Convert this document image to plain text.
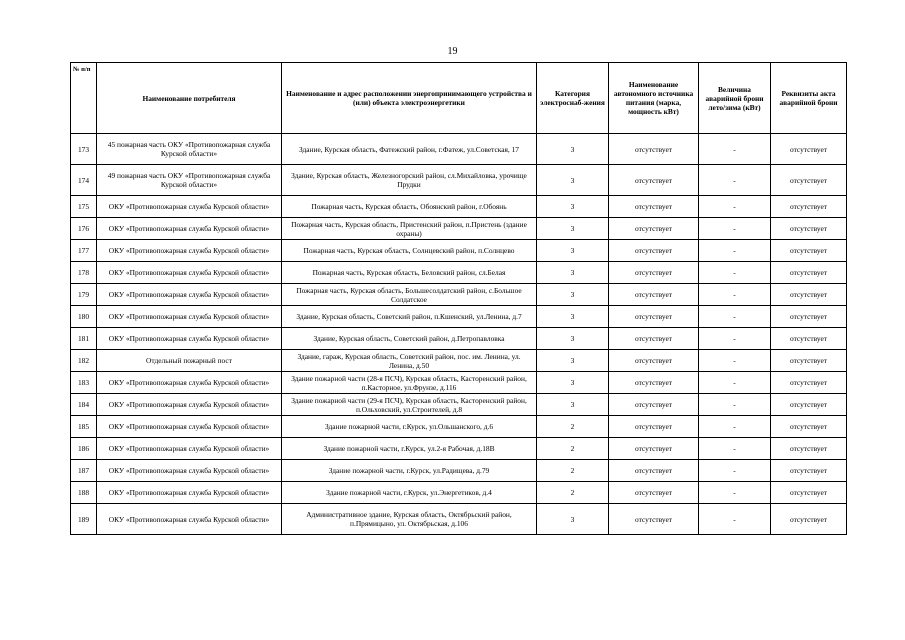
19
№ п/п	Наименование потребителя	Наименование и адрес расположении энергопринимающего устройства и (или) объекта электроэнергетики	Категория электроснаб-жения	Наименование автономного источника питания (марка, мощность кВт)	Величина аварийной брони лето/зима (кВт)	Реквизиты акта аварийной брони
173	45 пожарная часть ОКУ «Противопожарная служба Курской области»	Здание, Курская область, Фатежский район, г.Фатеж, ул.Советская, 17	3	отсутствует	-	отсутствует
174	49 пожарная часть ОКУ «Противопожарная служба Курской области»	Здание, Курская область, Железногорский район, сл.Михайловка, урочище Прудки	3	отсутствует	-	отсутствует
175	ОКУ «Противопожарная служба Курской области»	Пожарная часть, Курская область, Обоянский район, г.Обоянь	3	отсутствует	-	отсутствует
176	ОКУ «Противопожарная служба Курской области»	Пожарная часть, Курская область, Пристенский район, п.Пристень (здание охраны)	3	отсутствует	-	отсутствует
177	ОКУ «Противопожарная служба Курской области»	Пожарная часть, Курская область, Солнцевский район, п.Солнцево	3	отсутствует	-	отсутствует
178	ОКУ «Противопожарная служба Курской области»	Пожарная часть, Курская область, Беловский район, сл.Белая	3	отсутствует	-	отсутствует
179	ОКУ «Противопожарная служба Курской области»	Пожарная часть, Курская область, Большесолдатский район, с.Большое Солдатское	3	отсутствует	-	отсутствует
180	ОКУ «Противопожарная служба Курской области»	Здание, Курская область, Советский район, п.Кшенский, ул.Ленина, д.7	3	отсутствует	-	отсутствует
181	ОКУ «Противопожарная служба Курской области»	Здание, Курская область, Советский район, д.Петропавловка	3	отсутствует	-	отсутствует
182	Отдельный пожарный пост	Здание, гараж, Курская область, Советский район, пос. им. Ленина, ул. Ленина, д.50	3	отсутствует	-	отсутствует
183	ОКУ «Противопожарная служба Курской области»	Здание пожарной части (28-я ПСЧ), Курская область, Касторенский район, п.Касторное, ул.Фрунзе, д.116	3	отсутствует	-	отсутствует
184	ОКУ «Противопожарная служба Курской области»	Здание пожарной части (29-я ПСЧ), Курская область, Касторенский район, п.Ольховский, ул.Строителей, д.8	3	отсутствует	-	отсутствует
185	ОКУ «Противопожарная служба Курской области»	Здание пожарной части, г.Курск, ул.Ольшанского, д.6	2	отсутствует	-	отсутствует
186	ОКУ «Противопожарная служба Курской области»	Здание пожарной части, г.Курск, ул.2-я Рабочая, д.18В	2	отсутствует	-	отсутствует
187	ОКУ «Противопожарная служба Курской области»	Здание пожарной части, г.Курск, ул.Радищева, д.79	2	отсутствует	-	отсутствует
188	ОКУ «Противопожарная служба Курской области»	Здание пожарной части, г.Курск, ул.Энергетиков, д.4	2	отсутствует	-	отсутствует
189	ОКУ «Противопожарная служба Курской области»	Административное здание, Курская область, Октябрьский район, п.Прямицыно, ул. Октябрьская, д.106	3	отсутствует	-	отсутствует
